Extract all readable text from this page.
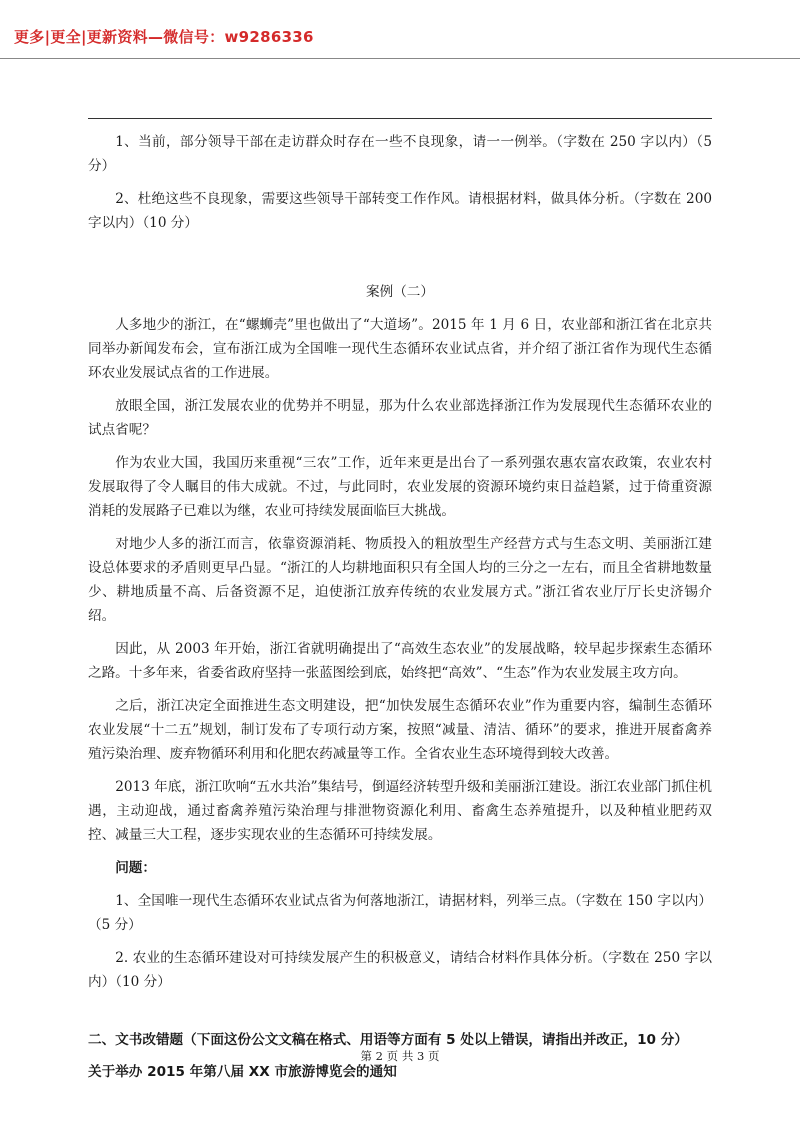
更多|更全|更新资料—微信号：w9286336

1、当前，部分领导干部在走访群众时存在一些不良现象，请一一例举。（字数在 250 字以内）（5 分）

2、杜绝这些不良现象，需要这些领导干部转变工作作风。请根据材料，做具体分析。（字数在 200 字以内）（10 分）

案例（二）

人多地少的浙江，在“螺蛳壳”里也做出了“大道场”。2015 年 1 月 6 日，农业部和浙江省在北京共同举办新闻发布会，宣布浙江成为全国唯一现代生态循环农业试点省，并介绍了浙江省作为现代生态循环农业发展试点省的工作进展。

放眼全国，浙江发展农业的优势并不明显，那为什么农业部选择浙江作为发展现代生态循环农业的试点省呢？

作为农业大国，我国历来重视“三农”工作，近年来更是出台了一系列强农惠农富农政策，农业农村发展取得了令人瞩目的伟大成就。不过，与此同时，农业发展的资源环境约束日益趋紧，过于倚重资源消耗的发展路子已难以为继，农业可持续发展面临巨大挑战。

对地少人多的浙江而言，依靠资源消耗、物质投入的粗放型生产经营方式与生态文明、美丽浙江建设总体要求的矛盾则更早凸显。“浙江的人均耕地面积只有全国人均的三分之一左右，而且全省耕地数量少、耕地质量不高、后备资源不足，迫使浙江放弃传统的农业发展方式。”浙江省农业厅厅长史济锡介绍。

因此，从 2003 年开始，浙江省就明确提出了“高效生态农业”的发展战略，较早起步探索生态循环之路。十多年来，省委省政府坚持一张蓝图绘到底，始终把“高效”、“生态”作为农业发展主攻方向。

之后，浙江决定全面推进生态文明建设，把“加快发展生态循环农业”作为重要内容，编制生态循环农业发展“十二五”规划，制订发布了专项行动方案，按照“减量、清洁、循环”的要求，推进开展畜禽养殖污染治理、废弃物循环利用和化肥农药减量等工作。全省农业生态环境得到较大改善。

2013 年底，浙江吹响“五水共治”集结号，倒逼经济转型升级和美丽浙江建设。浙江农业部门抓住机遇，主动迎战，通过畜禽养殖污染治理与排泄物资源化利用、畜禽生态养殖提升，以及种植业肥药双控、减量三大工程，逐步实现农业的生态循环可持续发展。

问题：

1、全国唯一现代生态循环农业试点省为何落地浙江，请据材料，列举三点。（字数在 150 字以内）（5 分）

2. 农业的生态循环建设对可持续发展产生的积极意义，请结合材料作具体分析。（字数在 250 字以内）（10 分）

二、文书改错题（下面这份公文文稿在格式、用语等方面有 5 处以上错误，请指出并改正，10 分）

关于举办 2015 年第八届 XX 市旅游博览会的通知

第 2 页 共 3 页
